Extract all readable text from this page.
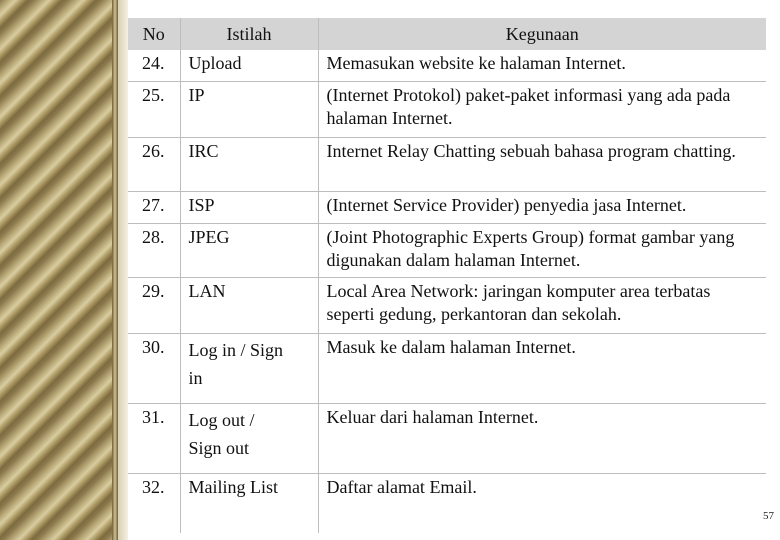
No	Istilah	Kegunaan
24.	Upload	Memasukan website ke halaman Internet.
25.	IP	(Internet Protokol) paket-paket informasi yang ada pada halaman Internet.
26.	IRC	Internet Relay Chatting sebuah bahasa program chatting.
27.	ISP	(Internet Service Provider) penyedia jasa Internet.
28.	JPEG	(Joint Photographic Experts Group) format gambar yang digunakan dalam halaman Internet.
29.	LAN	Local Area Network: jaringan komputer area terbatas seperti gedung, perkantoran dan sekolah.
30.	Log in / Sign in	Masuk ke dalam halaman Internet.
31.	Log out / Sign out	Keluar dari halaman Internet.
32.	Mailing List	Daftar alamat Email.
57
